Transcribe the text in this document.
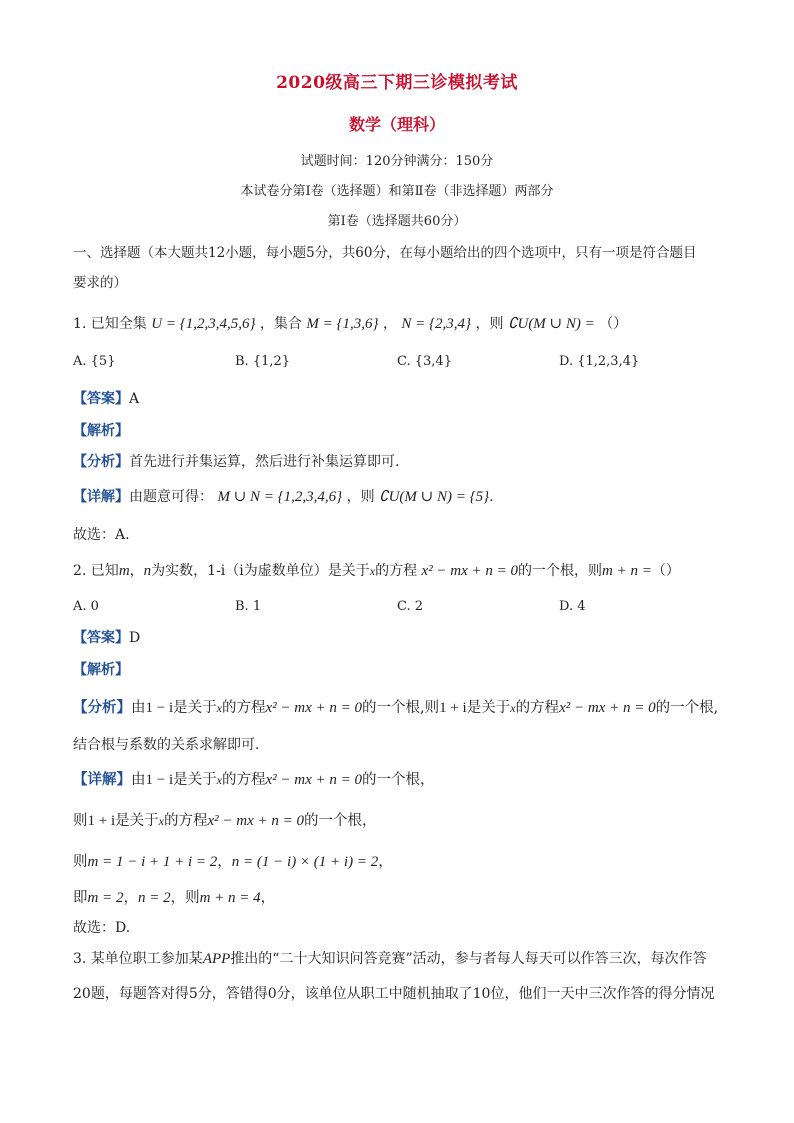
2020级高三下期三诊模拟考试
数学（理科）
试题时间：120分钟满分：150分
本试卷分第Ⅰ卷（选择题）和第Ⅱ卷（非选择题）两部分
第Ⅰ卷（选择题共60分）
一、选择题（本大题共12小题，每小题5分，共60分，在每小题给出的四个选项中，只有一项是符合题目
要求的）
1. 已知全集 U = {1,2,3,4,5,6} ，集合 M = {1,3,6} ， N = {2,3,4} ，则 ∁U(M ∪ N) = （）
A. {5}	B. {1,2}	C. {3,4}	D. {1,2,3,4}
【答案】A
【解析】
【分析】首先进行并集运算，然后进行补集运算即可.
【详解】由题意可得： M ∪ N = {1,2,3,4,6} ，则 ∁U(M ∪ N) = {5}.
故选：A.
2. 已知m，n为实数，1-i（i为虚数单位）是关于x的方程 x² − mx + n = 0的一个根，则m + n =（）
A. 0	B. 1	C. 2	D. 4
【答案】D
【解析】
【分析】由1 − i是关于x的方程x² − mx + n = 0的一个根,则1 + i是关于x的方程x² − mx + n = 0的一个根,
结合根与系数的关系求解即可.
【详解】由1 − i是关于x的方程x² − mx + n = 0的一个根，
则1 + i是关于x的方程x² − mx + n = 0的一个根，
则m = 1 − i + 1 + i = 2，n = (1 − i) × (1 + i) = 2，
即m = 2，n = 2，则m + n = 4，
故选：D.
3. 某单位职工参加某APP推出的“二十大知识问答竞赛”活动，参与者每人每天可以作答三次，每次作答
20题，每题答对得5分，答错得0分，该单位从职工中随机抽取了10位，他们一天中三次作答的得分情况
